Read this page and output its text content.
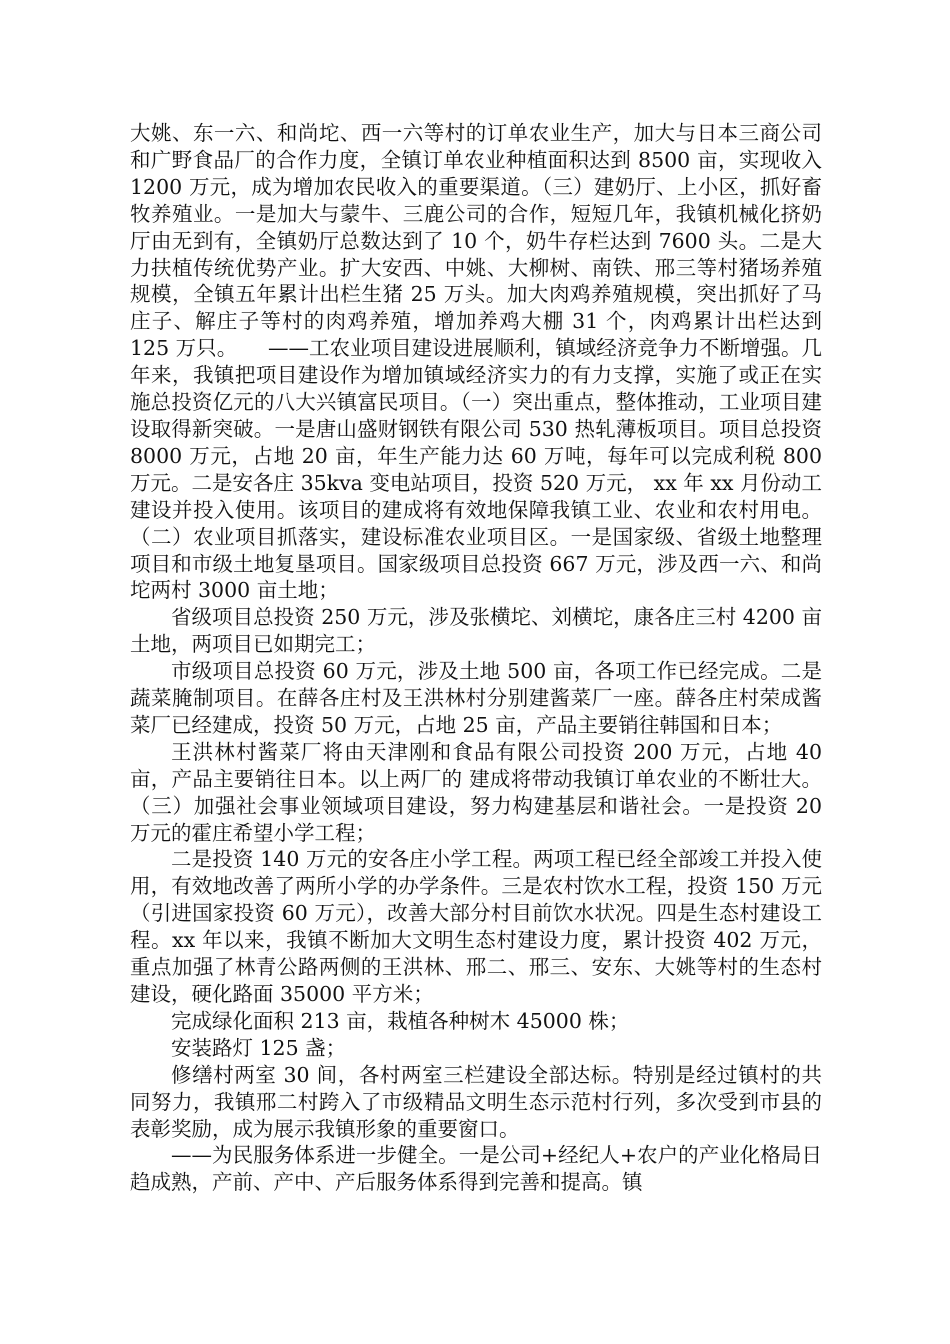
大姚、东一六、和尚坨、西一六等村的订单农业生产，加大与日本三商公司和广野食品厂的合作力度，全镇订单农业种植面积达到 8500 亩，实现收入 1200 万元，成为增加农民收入的重要渠道。（三）建奶厅、上小区，抓好畜牧养殖业。一是加大与蒙牛、三鹿公司的合作，短短几年，我镇机械化挤奶厅由无到有，全镇奶厅总数达到了 10 个，奶牛存栏达到 7600 头。二是大力扶植传统优势产业。扩大安西、中姚、大柳树、南铁、邢三等村猪场养殖规模，全镇五年累计出栏生猪 25 万头。加大肉鸡养殖规模，突出抓好了马庄子、解庄子等村的肉鸡养殖，增加养鸡大棚 31 个，肉鸡累计出栏达到 125 万只。　　——工农业项目建设进展顺利，镇域经济竞争力不断增强。几年来，我镇把项目建设作为增加镇域经济实力的有力支撑，实施了或正在实施总投资亿元的八大兴镇富民项目。（一）突出重点，整体推动，工业项目建设取得新突破。一是唐山盛财钢铁有限公司 530 热轧薄板项目。项目总投资 8000 万元，占地 20 亩，年生产能力达 60 万吨，每年可以完成利税 800 万元。二是安各庄 35kva 变电站项目，投资 520 万元， xx 年 xx 月份动工建设并投入使用。该项目的建成将有效地保障我镇工业、农业和农村用电。（二）农业项目抓落实，建设标准农业项目区。一是国家级、省级土地整理项目和市级土地复垦项目。国家级项目总投资 667 万元，涉及西一六、和尚坨两村 3000 亩土地；

省级项目总投资 250 万元，涉及张横坨、刘横坨，康各庄三村 4200 亩土地，两项目已如期完工；

市级项目总投资 60 万元，涉及土地 500 亩，各项工作已经完成。二是蔬菜腌制项目。在薛各庄村及王洪林村分别建酱菜厂一座。薛各庄村荣成酱菜厂已经建成，投资 50 万元，占地 25 亩，产品主要销往韩国和日本；

王洪林村酱菜厂将由天津刚和食品有限公司投资 200 万元，占地 40 亩，产品主要销往日本。以上两厂的 建成将带动我镇订单农业的不断壮大。（三）加强社会事业领域项目建设，努力构建基层和谐社会。一是投资 20 万元的霍庄希望小学工程；

二是投资 140 万元的安各庄小学工程。两项工程已经全部竣工并投入使用，有效地改善了两所小学的办学条件。三是农村饮水工程，投资 150 万元（引进国家投资 60 万元），改善大部分村目前饮水状况。四是生态村建设工程。xx 年以来，我镇不断加大文明生态村建设力度，累计投资 402 万元，重点加强了林青公路两侧的王洪林、邢二、邢三、安东、大姚等村的生态村建设，硬化路面 35000 平方米；

完成绿化面积 213 亩，栽植各种树木 45000 株；

安装路灯 125 盏；

修缮村两室 30 间，各村两室三栏建设全部达标。特别是经过镇村的共同努力，我镇邢二村跨入了市级精品文明生态示范村行列，多次受到市县的表彰奖励，成为展示我镇形象的重要窗口。

——为民服务体系进一步健全。一是公司+经纪人+农户的产业化格局日趋成熟，产前、产中、产后服务体系得到完善和提高。镇
